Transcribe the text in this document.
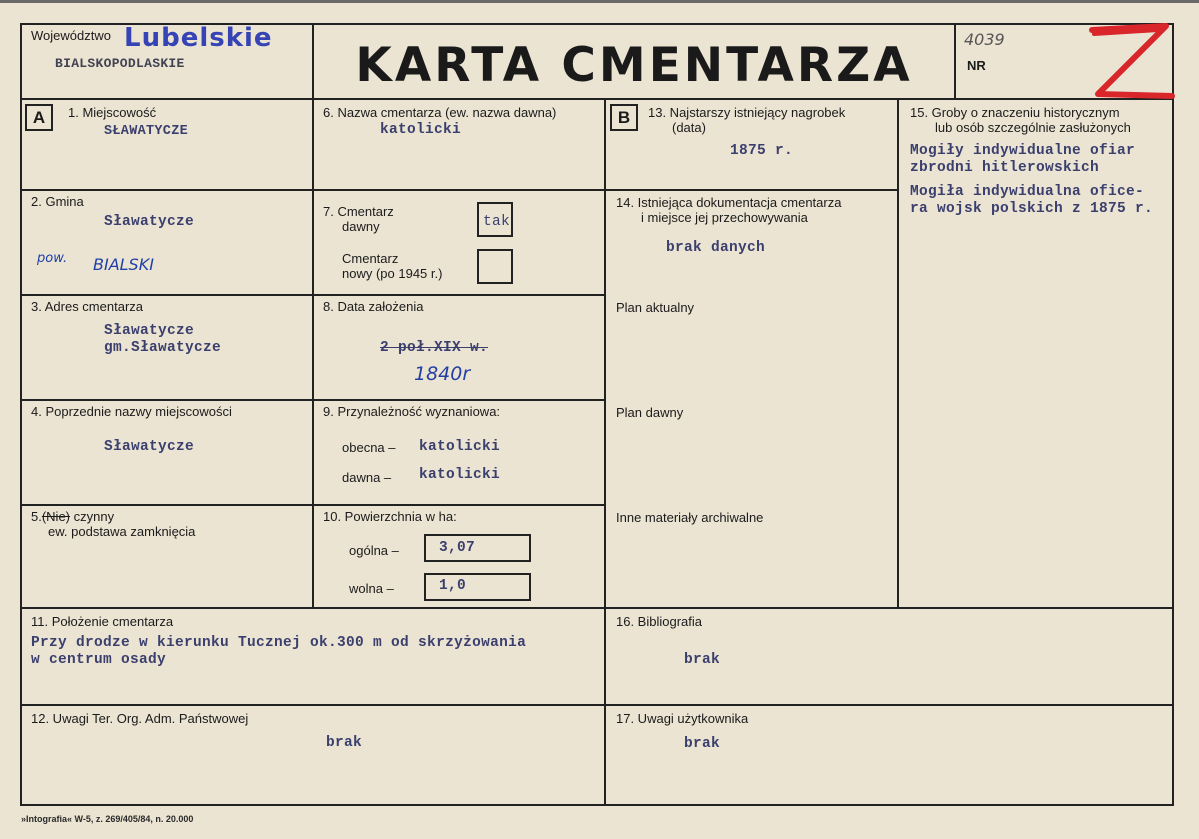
Województwo Lubelskie
BIALSKOPODLASKIE	KARTA CMENTARZA	4039
NR
A	B
1. Miejscowość
SŁAWATYCZE
2. Gmina
Sławatycze
pow. BIALSKI
3. Adres cmentarza
Sławatycze
gm.Sławatycze
4. Poprzednie nazwy miejscowości
Sławatycze
5.(Nie) czynny
ew. podstawa zamknięcia
6. Nazwa cmentarza (ew. nazwa dawna)
katolicki
7. Cmentarz
dawny	tak
Cmentarz
nowy (po 1945 r.)
8. Data założenia
2 poł.XIX w.
1840r
9. Przynależność wyznaniowa:
obecna – katolicki
dawna – katolicki
10. Powierzchnia w ha:
ogólna –	3,07
wolna –	1,0
13. Najstarszy istniejący nagrobek
(data)
1875 r.
14. Istniejąca dokumentacja cmentarza
i miejsce jej przechowywania
brak danych
Plan aktualny
Plan dawny
Inne materiały archiwalne
15. Groby o znaczeniu historycznym
lub osób szczególnie zasłużonych
Mogiły indywidualne ofiar
zbrodni hitlerowskich
Mogiła indywidualna ofice-
ra wojsk polskich z 1875 r.
11. Położenie cmentarza
Przy drodze w kierunku Tucznej ok.300 m od skrzyżowania
w centrum osady
16. Bibliografia
brak
12. Uwagi Ter. Org. Adm. Państwowej
brak
17. Uwagi użytkownika
brak
»Intografia« W-5, z. 269/405/84, n. 20.000
